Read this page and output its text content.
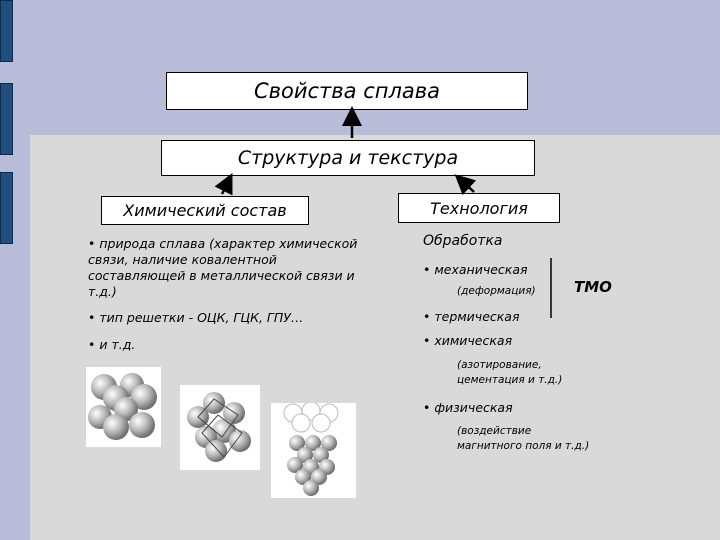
Свойства сплава
Структура и текстура
Химический состав	Технология
• природа сплава (характер химической связи, наличие ковалентной составляющей в металлической связи и т.д.)
• тип решетки - ОЦК, ГЦК, ГПУ…
• и т.д.
Обработка
• механическая
(деформация)	ТМО
• термическая
• химическая
(азотирование,
цементация и т.д.)
• физическая
(воздействие
магнитного поля и т.д.)
